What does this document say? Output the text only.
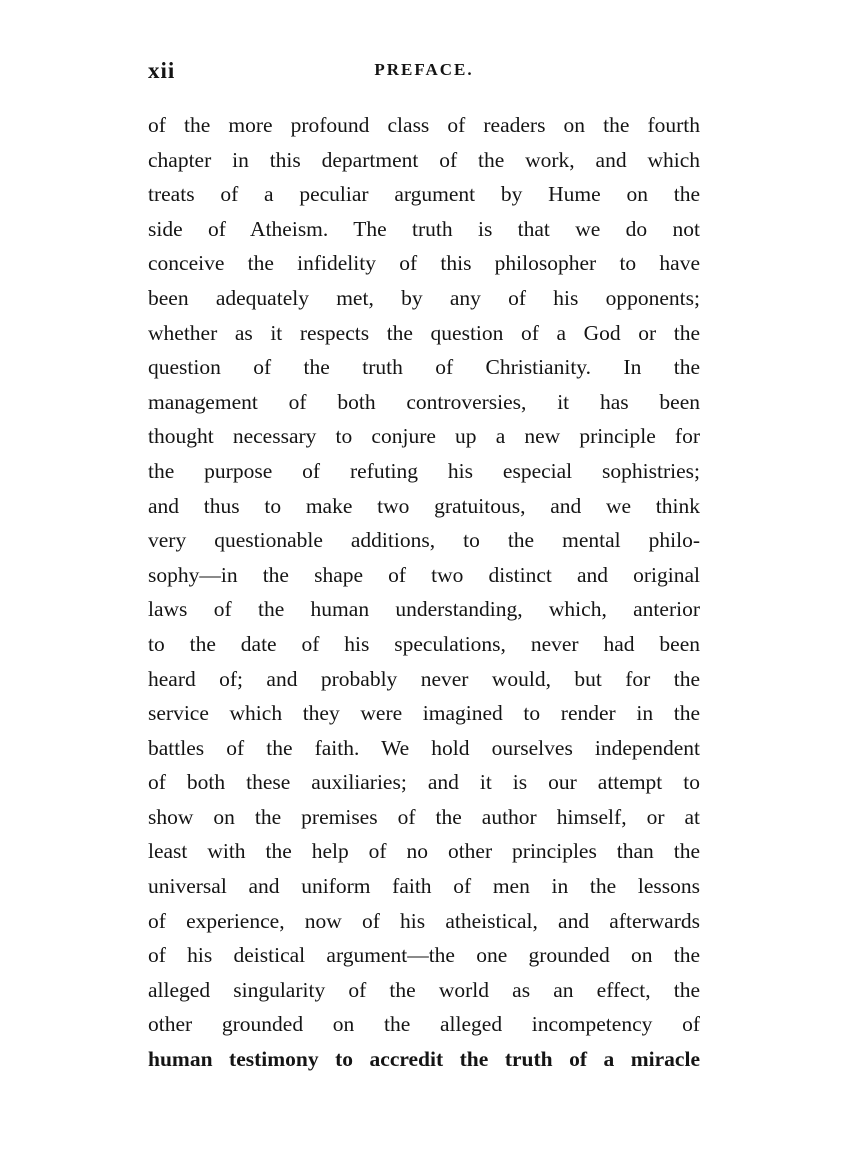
xii	PREFACE.
of the more profound class of readers on the fourth
chapter in this department of the work, and which
treats of a peculiar argument by Hume on the
side of Atheism. The truth is that we do not
conceive the infidelity of this philosopher to have
been adequately met, by any of his opponents;
whether as it respects the question of a God or the
question of the truth of Christianity. In the
management of both controversies, it has been
thought necessary to conjure up a new principle for
the purpose of refuting his especial sophistries;
and thus to make two gratuitous, and we think
very questionable additions, to the mental philo-
sophy—in the shape of two distinct and original
laws of the human understanding, which, anterior
to the date of his speculations, never had been
heard of; and probably never would, but for the
service which they were imagined to render in the
battles of the faith. We hold ourselves independent
of both these auxiliaries; and it is our attempt to
show on the premises of the author himself, or at
least with the help of no other principles than the
universal and uniform faith of men in the lessons
of experience, now of his atheistical, and afterwards
of his deistical argument—the one grounded on the
alleged singularity of the world as an effect, the
other grounded on the alleged incompetency of
human testimony to accredit the truth of a miracle
